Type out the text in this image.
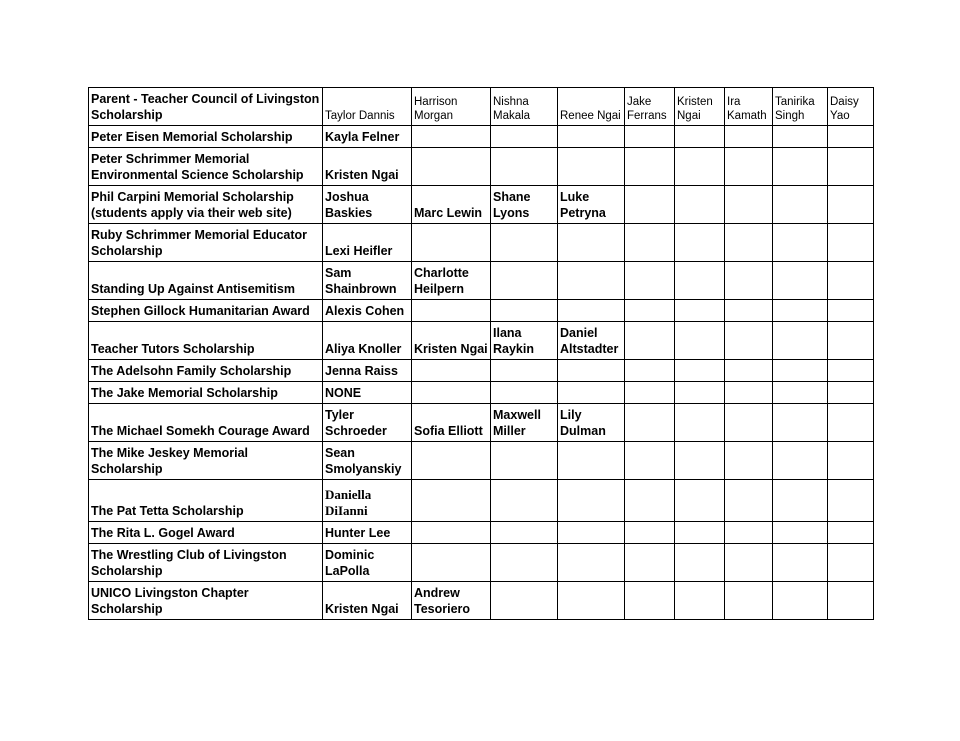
Parent - Teacher Council of Livingston Scholarship	Taylor Dannis	Harrison Morgan	Nishna Makala	Renee Ngai	Jake Ferrans	Kristen Ngai	Ira Kamath	Tanirika Singh	Daisy Yao
Peter Eisen Memorial Scholarship	Kayla Felner								
Peter Schrimmer Memorial Environmental Science Scholarship	Kristen Ngai								
Phil Carpini Memorial Scholarship (students apply via their web site)	Joshua Baskies	Marc Lewin	Shane Lyons	Luke Petryna					
Ruby Schrimmer Memorial Educator Scholarship	Lexi Heifler								
Standing Up Against Antisemitism	Sam Shainbrown	Charlotte Heilpern							
Stephen Gillock Humanitarian Award	Alexis Cohen								
Teacher Tutors Scholarship	Aliya Knoller	Kristen Ngai	Ilana Raykin	Daniel Altstadter					
The Adelsohn Family Scholarship	Jenna Raiss								
The Jake Memorial Scholarship	NONE								
The Michael Somekh Courage Award	Tyler Schroeder	Sofia Elliott	Maxwell Miller	Lily Dulman					
The Mike Jeskey Memorial Scholarship	Sean Smolyanskiy								
The Pat Tetta Scholarship	Daniella DiIanni								
The Rita L. Gogel Award	Hunter Lee								
The Wrestling Club of Livingston Scholarship	Dominic LaPolla								
UNICO Livingston Chapter Scholarship	Kristen Ngai	Andrew Tesoriero							
